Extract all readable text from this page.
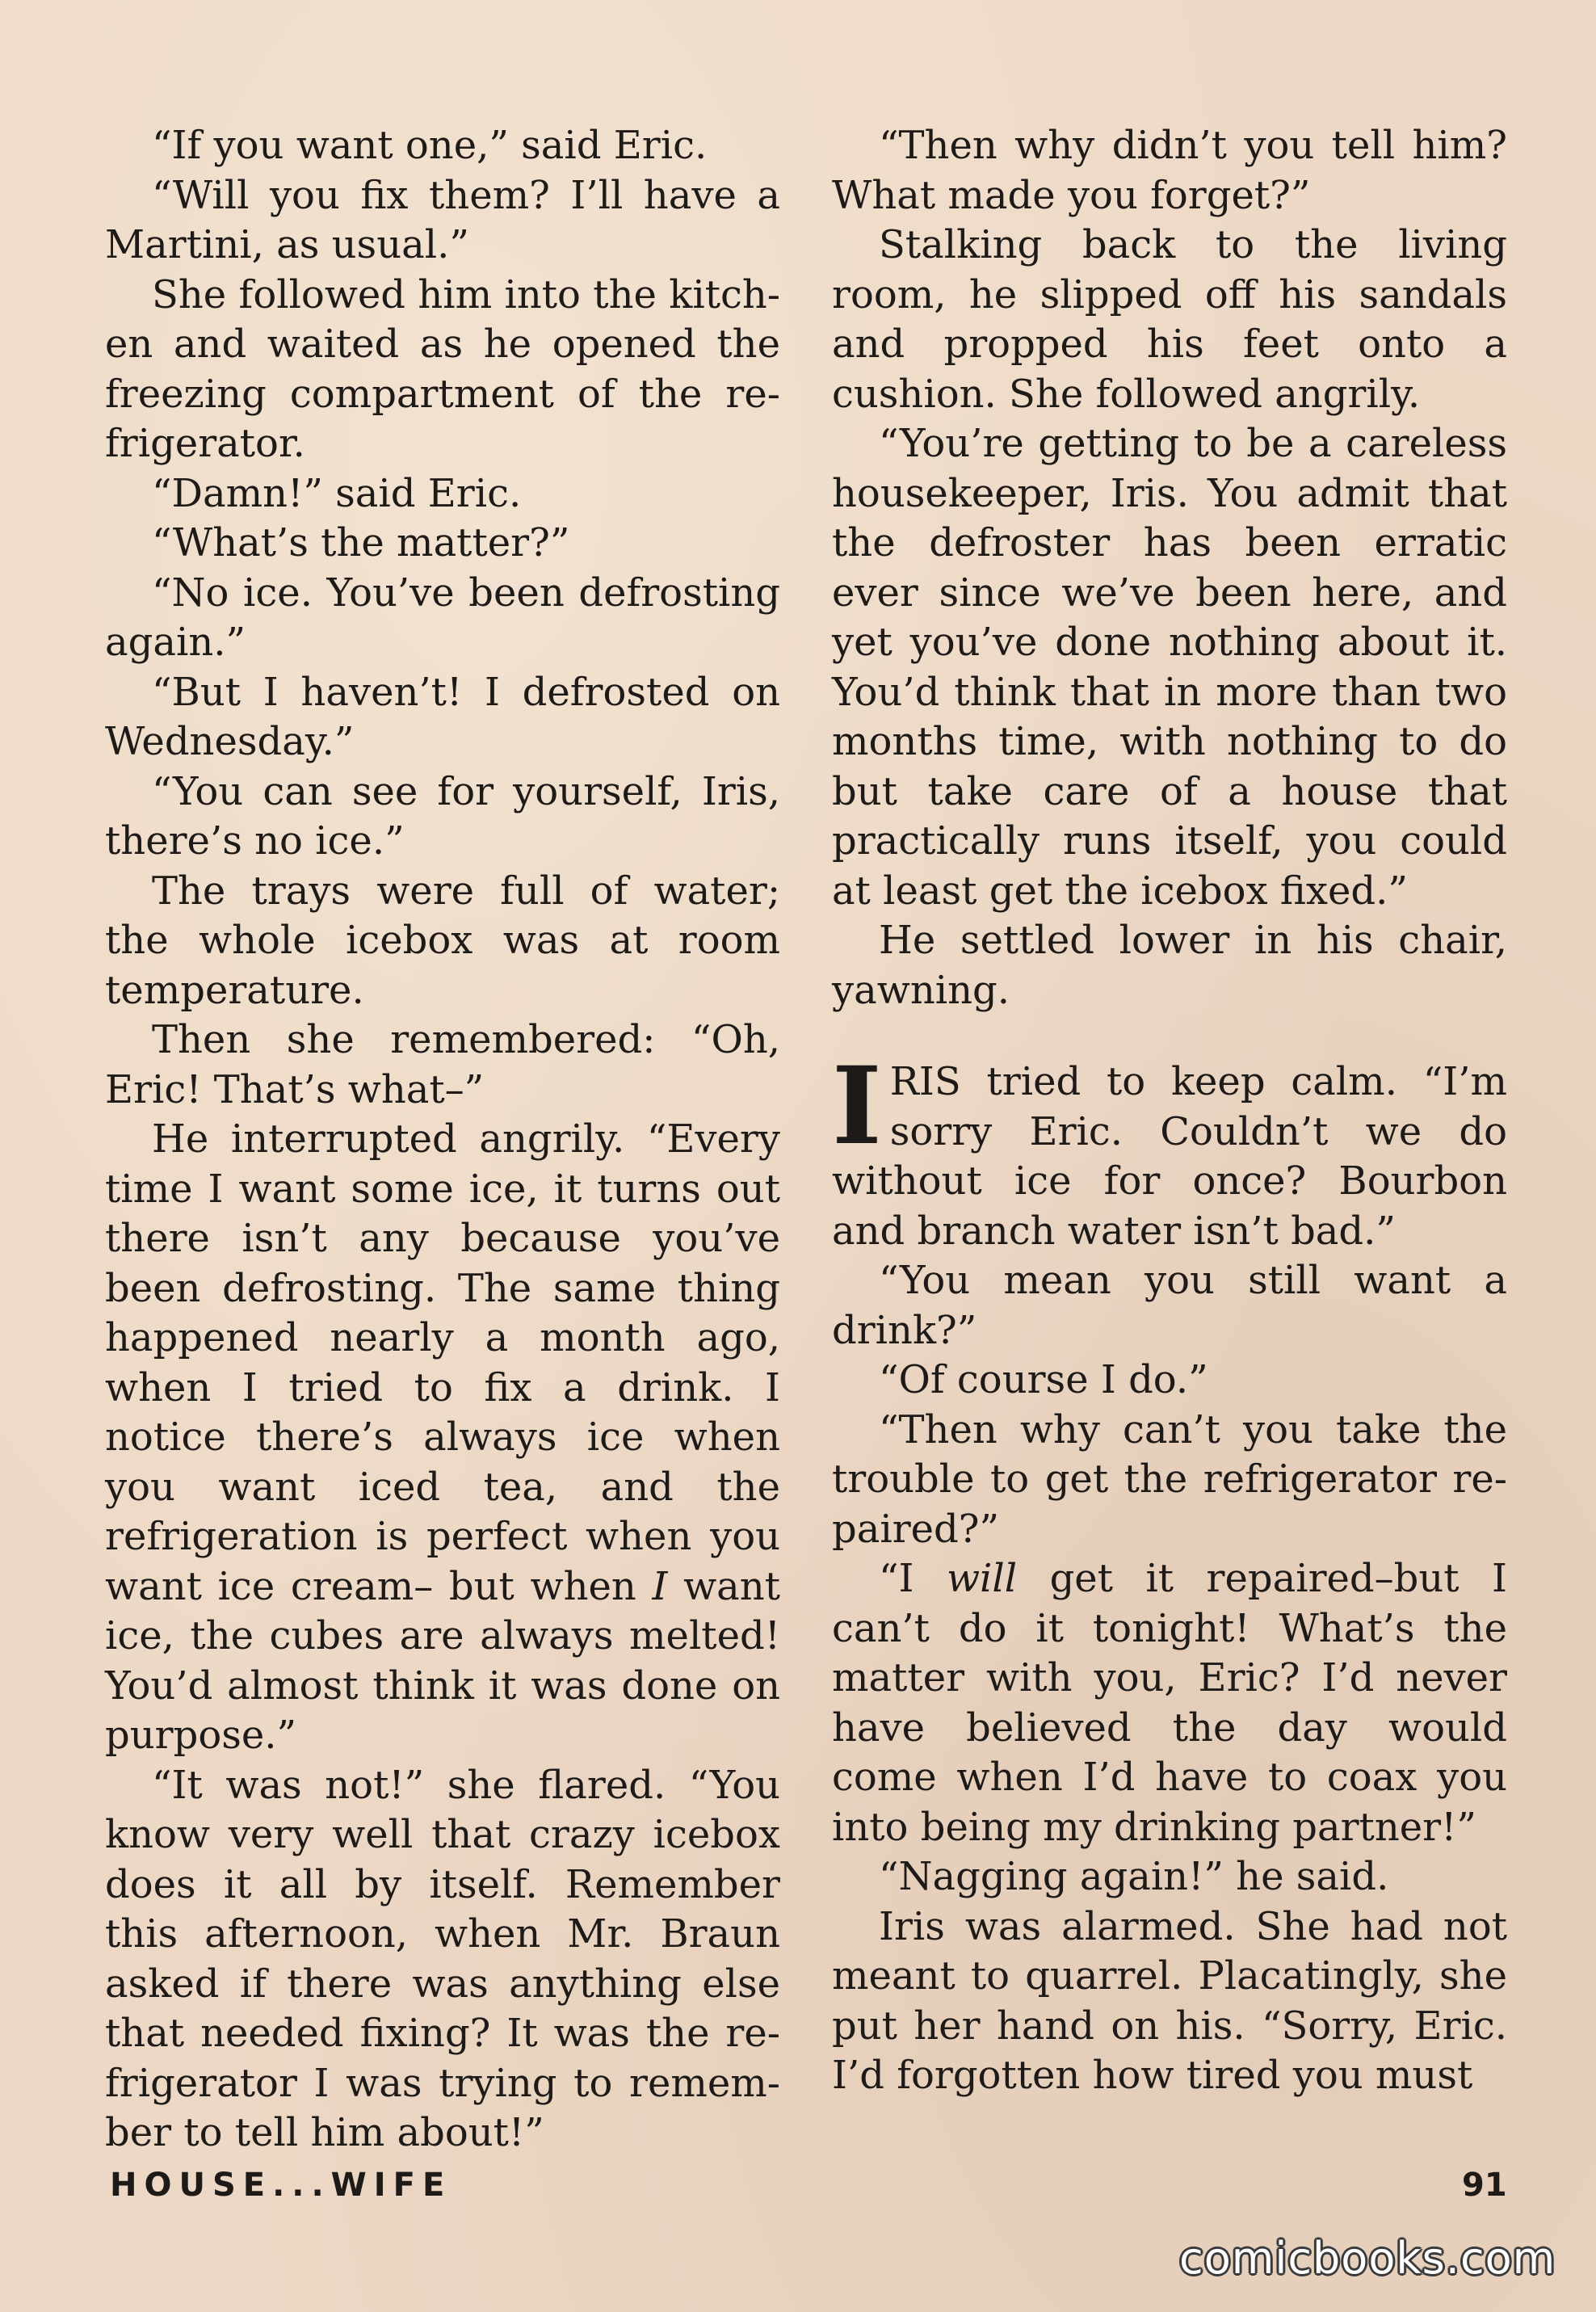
“If you want one,” said Eric.

“Will you fix them? I’ll have a Martini, as usual.”

She followed him into the kitch-en and waited as he opened the freezing compartment of the re-frigerator.

“Damn!” said Eric.

“What’s the matter?”

“No ice. You’ve been defrosting again.”

“But I haven’t! I defrosted on Wednesday.”

“You can see for yourself, Iris, there’s no ice.”

The trays were full of water; the whole icebox was at room temperature.

Then she remembered: “Oh, Eric! That’s what–”

He interrupted angrily. “Every time I want some ice, it turns out there isn’t any because you’ve been defrosting. The same thing happened nearly a month ago, when I tried to fix a drink. I notice there’s always ice when you want iced tea, and the refrigeration is perfect when you want ice cream– but when I want ice, the cubes are always melted! You’d almost think it was done on purpose.”

“It was not!” she flared. “You know very well that crazy icebox does it all by itself. Remember this afternoon, when Mr. Braun asked if there was anything else that needed fixing? It was the re-frigerator I was trying to remem-ber to tell him about!”

“Then why didn’t you tell him? What made you forget?”

Stalking back to the living room, he slipped off his sandals and propped his feet onto a cushion. She followed angrily.

“You’re getting to be a careless housekeeper, Iris. You admit that the defroster has been erratic ever since we’ve been here, and yet you’ve done nothing about it. You’d think that in more than two months time, with nothing to do but take care of a house that practically runs itself, you could at least get the icebox fixed.”

He settled lower in his chair, yawning.

IRIS tried to keep calm. “I’m sorry Eric. Couldn’t we do without ice for once? Bourbon and branch water isn’t bad.”

“You mean you still want a drink?”

“Of course I do.”

“Then why can’t you take the trouble to get the refrigerator re-paired?”

“I will get it repaired–but I can’t do it tonight! What’s the matter with you, Eric? I’d never have believed the day would come when I’d have to coax you into being my drinking partner!”

“Nagging again!” he said.

Iris was alarmed. She had not meant to quarrel. Placatingly, she put her hand on his. “Sorry, Eric. I’d forgotten how tired you must

HOUSE...WIFE	91
comicbooks.com
